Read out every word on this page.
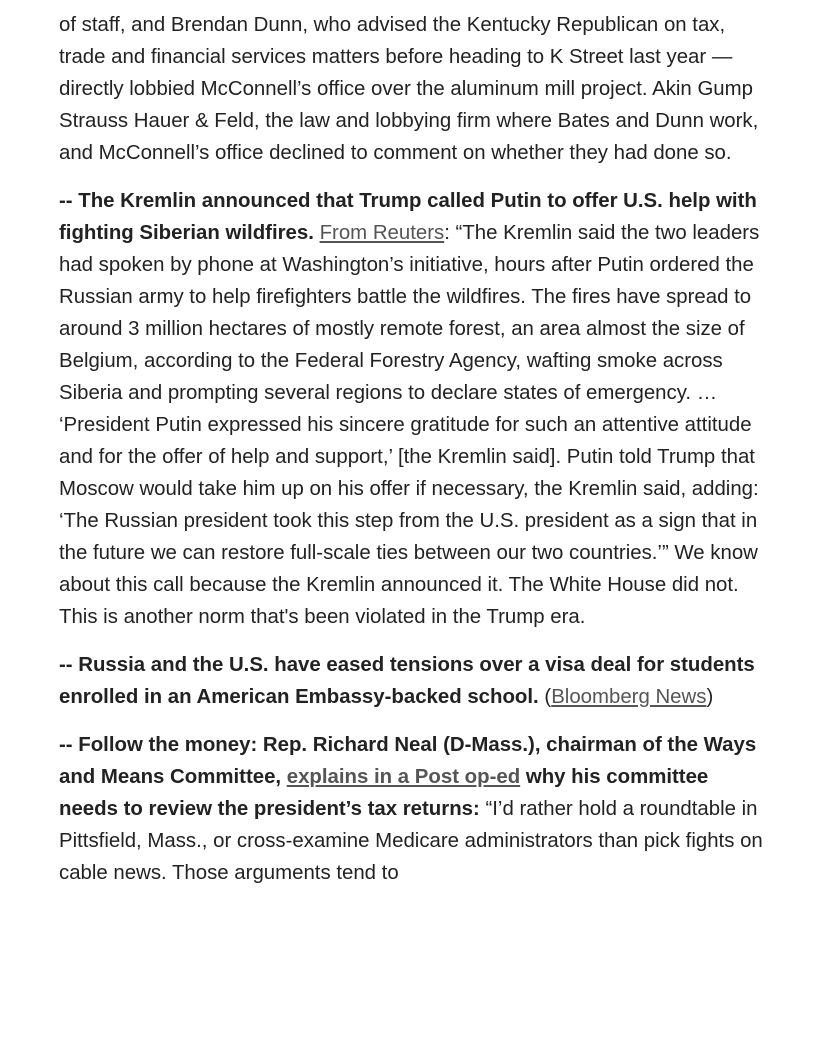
of staff, and Brendan Dunn, who advised the Kentucky Republican on tax, trade and financial services matters before heading to K Street last year — directly lobbied McConnell’s office over the aluminum mill project. Akin Gump Strauss Hauer & Feld, the law and lobbying firm where Bates and Dunn work, and McConnell’s office declined to comment on whether they had done so.

-- The Kremlin announced that Trump called Putin to offer U.S. help with fighting Siberian wildfires. From Reuters: “The Kremlin said the two leaders had spoken by phone at Washington’s initiative, hours after Putin ordered the Russian army to help firefighters battle the wildfires. The fires have spread to around 3 million hectares of mostly remote forest, an area almost the size of Belgium, according to the Federal Forestry Agency, wafting smoke across Siberia and prompting several regions to declare states of emergency. … ‘President Putin expressed his sincere gratitude for such an attentive attitude and for the offer of help and support,’ [the Kremlin said]. Putin told Trump that Moscow would take him up on his offer if necessary, the Kremlin said, adding: ‘The Russian president took this step from the U.S. president as a sign that in the future we can restore full-scale ties between our two countries.’” We know about this call because the Kremlin announced it. The White House did not. This is another norm that's been violated in the Trump era.

-- Russia and the U.S. have eased tensions over a visa deal for students enrolled in an American Embassy-backed school. (Bloomberg News)

-- Follow the money: Rep. Richard Neal (D-Mass.), chairman of the Ways and Means Committee, explains in a Post op-ed why his committee needs to review the president’s tax returns: “I’d rather hold a roundtable in Pittsfield, Mass., or cross-examine Medicare administrators than pick fights on cable news. Those arguments tend to
